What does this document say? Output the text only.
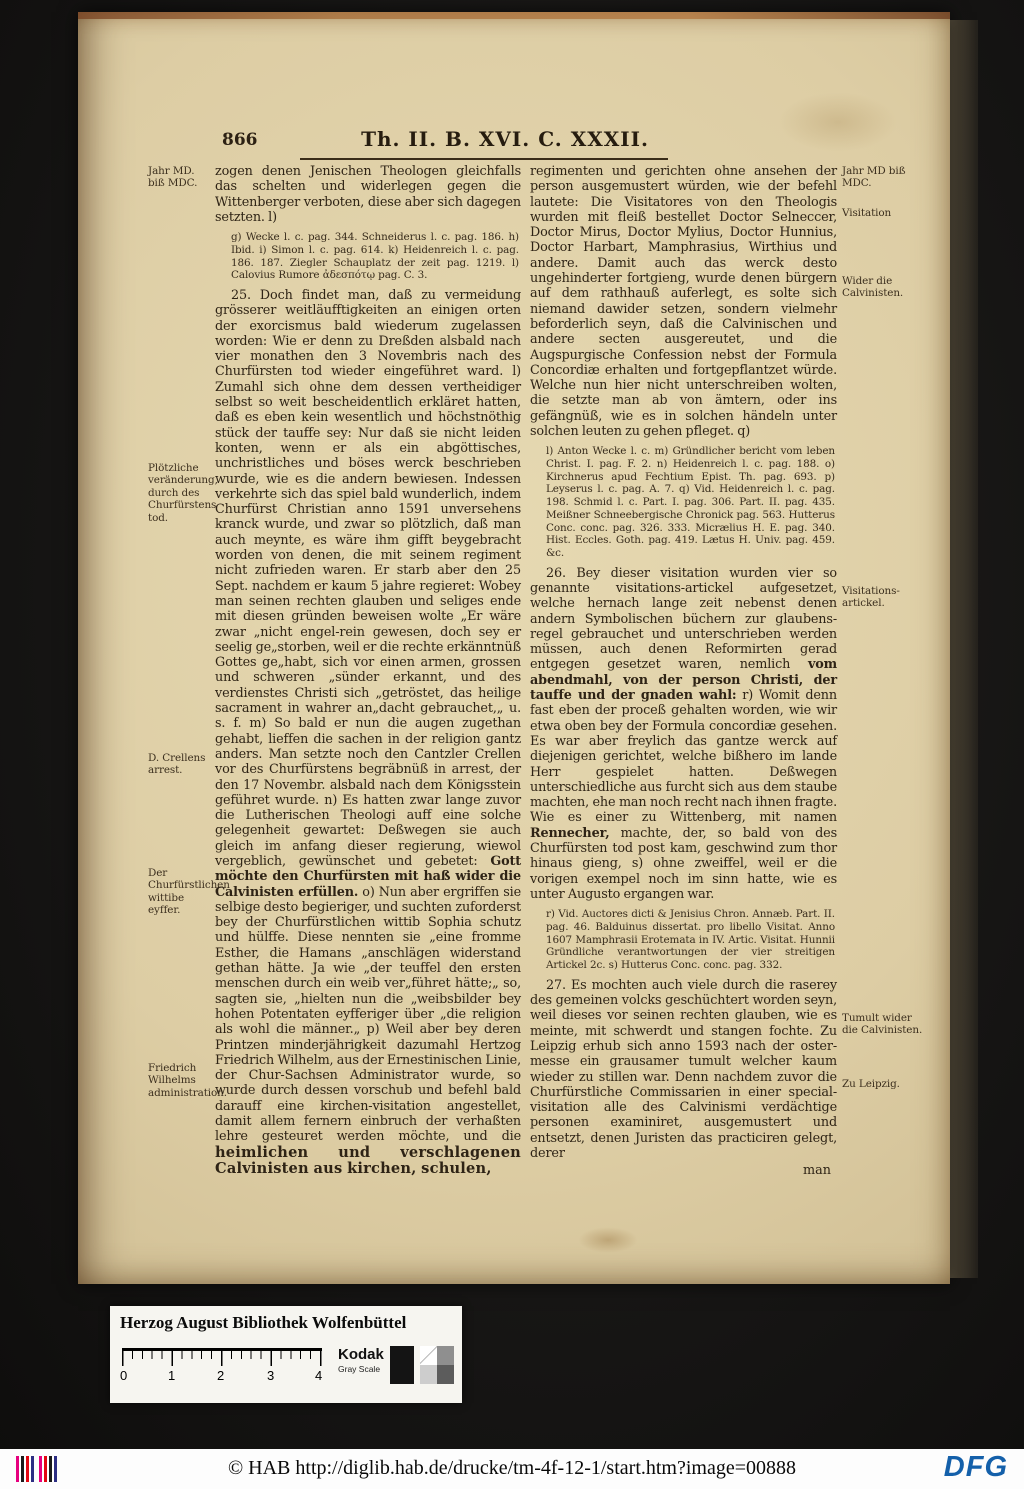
866	Th. II. B. XVI. C. XXXII.
Jahr MD. biß MDC.
Plötzliche veränderung, durch des Churfürstens tod.
D. Crellens arrest.
Der Churfürstlichen wittibe eyffer.
Friedrich Wilhelms administration.
Jahr MD biß MDC.
Visitation
Wider die Calvinisten.
Visitations-artickel.
Tumult wider die Calvinisten.
Zu Leipzig.

zogen denen Jenischen Theologen gleichfalls das schelten und widerlegen gegen die Wittenberger verboten, diese aber sich dagegen setzten. l)

g) Wecke l. c. pag. 344. Schneiderus l. c. pag. 186. h) Ibid. i) Simon l. c. pag. 614. k) Heidenreich l. c. pag. 186. 187. Ziegler Schauplatz der zeit pag. 1219. l) Calovius Rumore ἀδεσπότῳ pag. C. 3.

25. Doch findet man, daß zu vermeidung grösserer weitläufftigkeiten an einigen orten der exorcismus bald wiederum zugelassen worden: Wie er denn zu Dreßden alsbald nach vier monathen den 3 Novembris nach des Churfürsten tod wieder eingeführet ward. l) Zumahl sich ohne dem dessen vertheidiger selbst so weit bescheidentlich erkläret hatten, daß es eben kein wesentlich und höchstnöthig stück der tauffe sey: Nur daß sie nicht leiden konten, wenn er als ein abgöttisches, unchristliches und böses werck beschrieben wurde, wie es die andern bewiesen. Indessen verkehrte sich das spiel bald wunderlich, indem Churfürst Christian anno 1591 unversehens kranck wurde, und zwar so plötzlich, daß man auch meynte, es wäre ihm gifft beygebracht worden von denen, die mit seinem regiment nicht zufrieden waren. Er starb aber den 25 Sept. nachdem er kaum 5 jahre regieret: Wobey man seinen rechten glauben und seliges ende mit diesen gründen beweisen wolte „Er wäre zwar „nicht engel-rein gewesen, doch sey er seelig ge„storben, weil er die rechte erkänntnüß Gottes ge„habt, sich vor einen armen, grossen und schweren „sünder erkannt, und des verdienstes Christi sich „getröstet, das heilige sacrament in wahrer an„dacht gebrauchet,„ u. s. f. m) So bald er nun die augen zugethan gehabt, lieffen die sachen in der religion gantz anders. Man setzte noch den Cantzler Crellen vor des Churfürstens begräbnüß in arrest, der den 17 Novembr. alsbald nach dem Königsstein geführet wurde. n) Es hatten zwar lange zuvor die Lutherischen Theologi auff eine solche gelegenheit gewartet: Deßwegen sie auch gleich im anfang dieser regierung, wiewol vergeblich, gewünschet und gebetet: Gott möchte den Churfürsten mit haß wider die Calvinisten erfüllen. o) Nun aber ergriffen sie selbige desto begieriger, und suchten zuforderst bey der Churfürstlichen wittib Sophia schutz und hülffe. Diese nennten sie „eine fromme Esther, die Hamans „anschlägen widerstand gethan hätte. Ja wie „der teuffel den ersten menschen durch ein weib ver„führet hätte;„ so, sagten sie, „hielten nun die „weibsbilder bey hohen Potentaten eyfferiger über „die religion als wohl die männer.„ p) Weil aber bey deren Printzen minderjährigkeit dazumahl Hertzog Friedrich Wilhelm, aus der Ernestinischen Linie, der Chur-Sachsen Administrator wurde, so wurde durch dessen vorschub und befehl bald darauff eine kirchen-visitation angestellet, damit allem fernern einbruch der verhaßten lehre gesteuret werden möchte, und die heimlichen und verschlagenen Calvinisten aus kirchen, schulen,

regimenten und gerichten ohne ansehen der person ausgemustert würden, wie der befehl lautete: Die Visitatores von den Theologis wurden mit fleiß bestellet Doctor Selneccer, Doctor Mirus, Doctor Mylius, Doctor Hunnius, Doctor Harbart, Mamphrasius, Wirthius und andere. Damit auch das werck desto ungehinderter fortgieng, wurde denen bürgern auf dem rathhauß auferlegt, es solte sich niemand dawider setzen, sondern vielmehr beforderlich seyn, daß die Calvinischen und andere secten ausgereutet, und die Augspurgische Confession nebst der Formula Concordiæ erhalten und fortgepflantzet würde. Welche nun hier nicht unterschreiben wolten, die setzte man ab von ämtern, oder ins gefängnüß, wie es in solchen händeln unter solchen leuten zu gehen pfleget. q)

l) Anton Wecke l. c. m) Gründlicher bericht vom leben Christ. I. pag. F. 2. n) Heidenreich l. c. pag. 188. o) Kirchnerus apud Fechtium Epist. Th. pag. 693. p) Leyserus l. c. pag. A. 7. q) Vid. Heidenreich l. c. pag. 198. Schmid l. c. Part. I. pag. 306. Part. II. pag. 435. Meißner Schneebergische Chronick pag. 563. Hutterus Conc. conc. pag. 326. 333. Micrælius H. E. pag. 340. Hist. Eccles. Goth. pag. 419. Lætus H. Univ. pag. 459. &c.

26. Bey dieser visitation wurden vier so genannte visitations-artickel aufgesetzet, welche hernach lange zeit nebenst denen andern Symbolischen büchern zur glaubens-regel gebrauchet und unterschrieben werden müssen, auch denen Reformirten gerad entgegen gesetzet waren, nemlich vom abendmahl, von der person Christi, der tauffe und der gnaden wahl: r) Womit denn fast eben der proceß gehalten worden, wie wir etwa oben bey der Formula concordiæ gesehen. Es war aber freylich das gantze werck auf diejenigen gerichtet, welche bißhero im lande Herr gespielet hatten. Deßwegen unterschiedliche aus furcht sich aus dem staube machten, ehe man noch recht nach ihnen fragte. Wie es einer zu Wittenberg, mit namen Rennecher, machte, der, so bald von des Churfürsten tod post kam, geschwind zum thor hinaus gieng, s) ohne zweiffel, weil er die vorigen exempel noch im sinn hatte, wie es unter Augusto ergangen war.

r) Vid. Auctores dicti & Jenisius Chron. Annæb. Part. II. pag. 46. Balduinus dissertat. pro libello Visitat. Anno 1607 Mamphrasii Erotemata in IV. Artic. Visitat. Hunnii Gründliche verantwortungen der vier streitigen Artickel 2c. s) Hutterus Conc. conc. pag. 332.

27. Es mochten auch viele durch die raserey des gemeinen volcks geschüchtert worden seyn, weil dieses vor seinen rechten glauben, wie es meinte, mit schwerdt und stangen fochte. Zu Leipzig erhub sich anno 1593 nach der oster-messe ein grausamer tumult welcher kaum wieder zu stillen war. Denn nachdem zuvor die Churfürstliche Commissarien in einer special-visitation alle des Calvinismi verdächtige personen examiniret, ausgemustert und entsetzt, denen Juristen das practiciren gelegt, derer

man
Herzog August Bibliothek Wolfenbüttel
0	1	2	3	4
Kodak
Gray Scale
© HAB http://diglib.hab.de/drucke/tm-4f-12-1/start.htm?image=00888	DFG
